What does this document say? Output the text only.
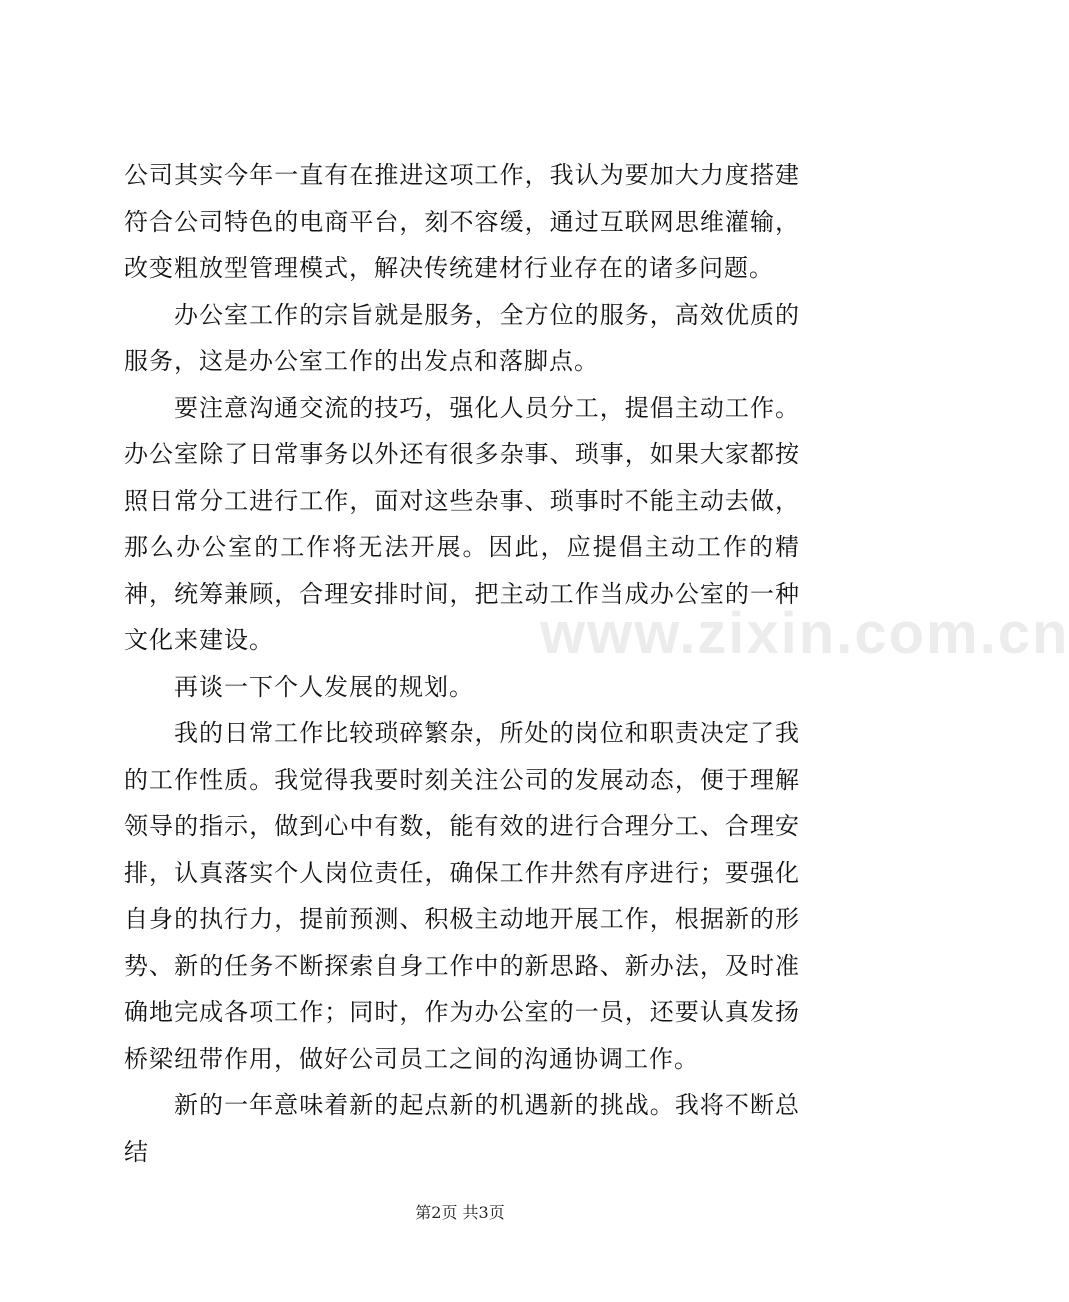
公司其实今年一直有在推进这项工作，我认为要加大力度搭建符合公司特色的电商平台，刻不容缓，通过互联网思维灌输，改变粗放型管理模式，解决传统建材行业存在的诸多问题。

办公室工作的宗旨就是服务，全方位的服务，高效优质的服务，这是办公室工作的出发点和落脚点。

要注意沟通交流的技巧，强化人员分工，提倡主动工作。办公室除了日常事务以外还有很多杂事、琐事，如果大家都按照日常分工进行工作，面对这些杂事、琐事时不能主动去做，那么办公室的工作将无法开展。因此，应提倡主动工作的精神，统筹兼顾，合理安排时间，把主动工作当成办公室的一种文化来建设。

再谈一下个人发展的规划。

我的日常工作比较琐碎繁杂，所处的岗位和职责决定了我的工作性质。我觉得我要时刻关注公司的发展动态，便于理解领导的指示，做到心中有数，能有效的进行合理分工、合理安排，认真落实个人岗位责任，确保工作井然有序进行；要强化自身的执行力，提前预测、积极主动地开展工作，根据新的形势、新的任务不断探索自身工作中的新思路、新办法，及时准确地完成各项工作；同时，作为办公室的一员，还要认真发扬桥梁纽带作用，做好公司员工之间的沟通协调工作。

新的一年意味着新的起点新的机遇新的挑战。我将不断总结

www.zixin.com.cn
第2页 共3页
